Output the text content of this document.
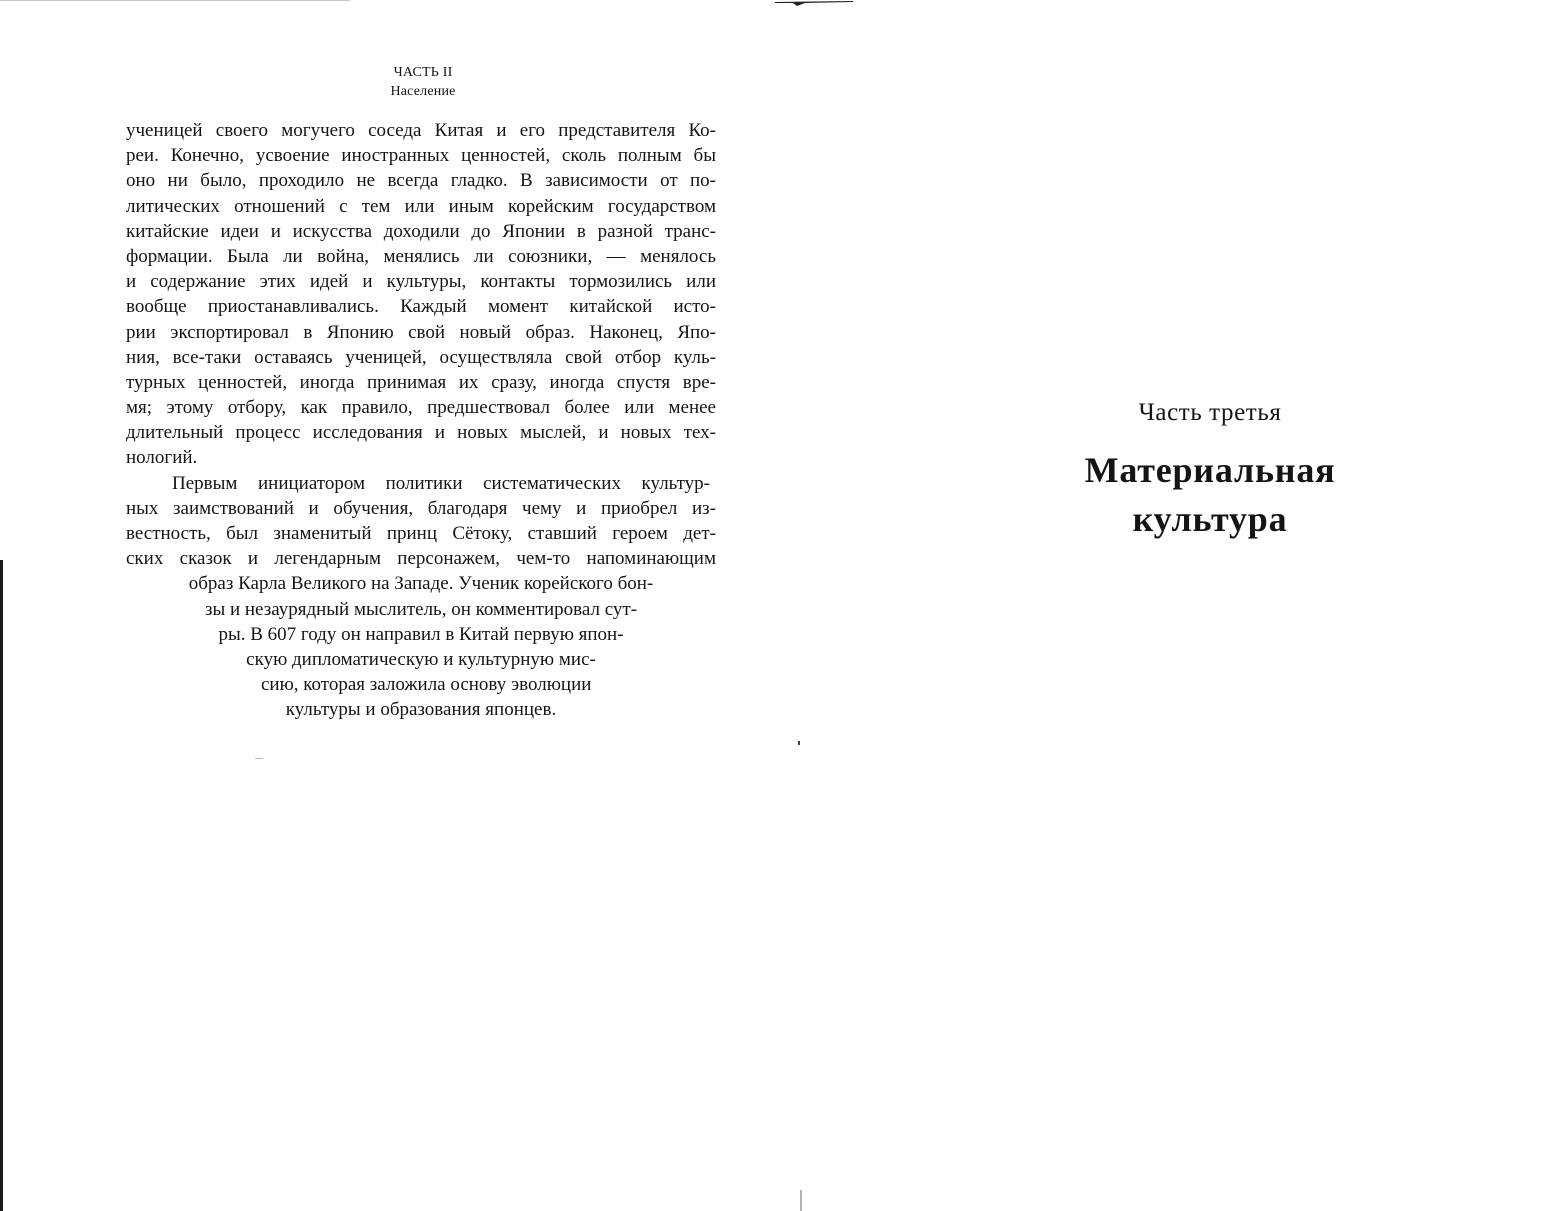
ЧАСТЬ II
Население
ученицей своего могучего соседа Китая и его представителя Ко-
реи. Конечно, усвоение иностранных ценностей, сколь полным бы
оно ни было, проходило не всегда гладко. В зависимости от по-
литических отношений с тем или иным корейским государством
китайские идеи и искусства доходили до Японии в разной транс-
формации. Была ли война, менялись ли союзники, — менялось
и содержание этих идей и культуры, контакты тормозились или
вообще приостанавливались. Каждый момент китайской исто-
рии экспортировал в Японию свой новый образ. Наконец, Япо-
ния, все-таки оставаясь ученицей, осуществляла свой отбор куль-
турных ценностей, иногда принимая их сразу, иногда спустя вре-
мя; этому отбору, как правило, предшествовал более или менее
длительный процесс исследования и новых мыслей, и новых тех-
нологий.
Первым инициатором политики систематических культур-
ных заимствований и обучения, благодаря чему и приобрел из-
вестность, был знаменитый принц Сётоку, ставший героем дет-
ских сказок и легендарным персонажем, чем-то напоминающим
образ Карла Великого на Западе. Ученик корейского бон-
зы и незаурядный мыслитель, он комментировал сут-
ры. В 607 году он направил в Китай первую япон-
скую дипломатическую и культурную мис-
сию, которая заложила основу эволюции
культуры и образования японцев.
Часть третья
Материальная
культура
